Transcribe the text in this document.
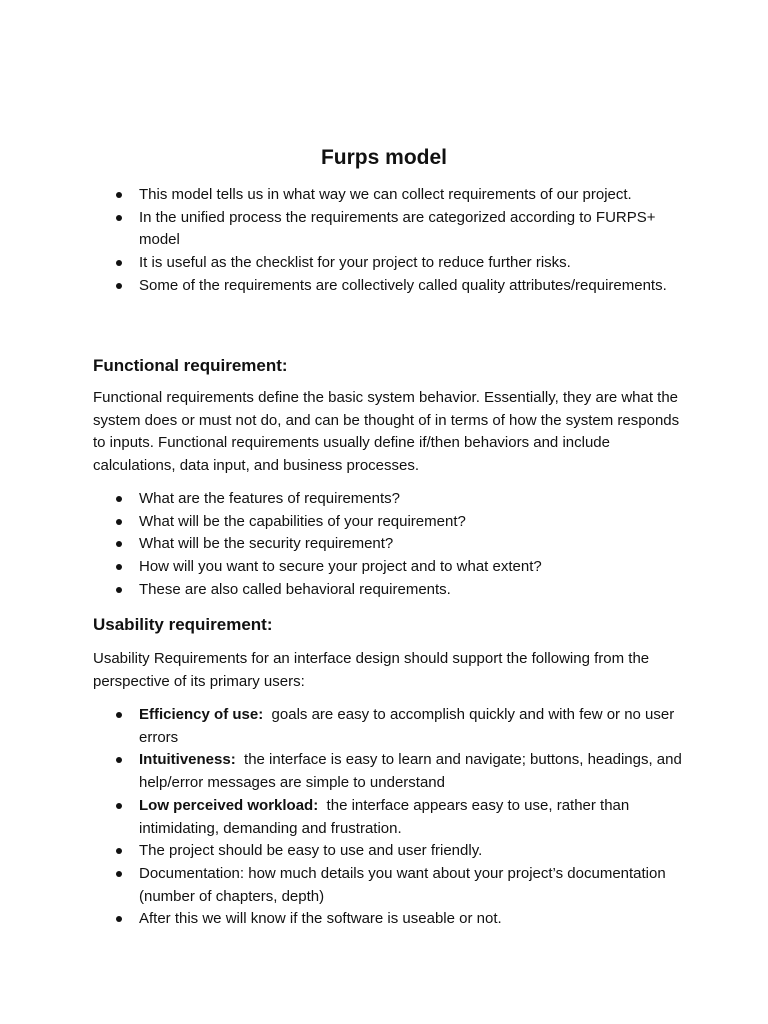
Furps model
This model tells us in what way we can collect requirements of our project.
In the unified process the requirements are categorized according to FURPS+ model
It is useful as the checklist for your project to reduce further risks.
Some of the requirements are collectively called quality attributes/requirements.
Functional requirement:

Functional requirements define the basic system behavior. Essentially, they are what the system does or must not do, and can be thought of in terms of how the system responds to inputs. Functional requirements usually define if/then behaviors and include calculations, data input, and business processes.

What are the features of requirements?
What will be the capabilities of your requirement?
What will be the security requirement?
How will you want to secure your project and to what extent?
These are also called behavioral requirements.
Usability requirement:

Usability Requirements for an interface design should support the following from the perspective of its primary users:

Efficiency of use:  goals are easy to accomplish quickly and with few or no user errors
Intuitiveness:  the interface is easy to learn and navigate; buttons, headings, and help/error messages are simple to understand
Low perceived workload:  the interface appears easy to use, rather than intimidating, demanding and frustration.
The project should be easy to use and user friendly.
Documentation: how much details you want about your project’s documentation (number of chapters, depth)
After this we will know if the software is useable or not.
